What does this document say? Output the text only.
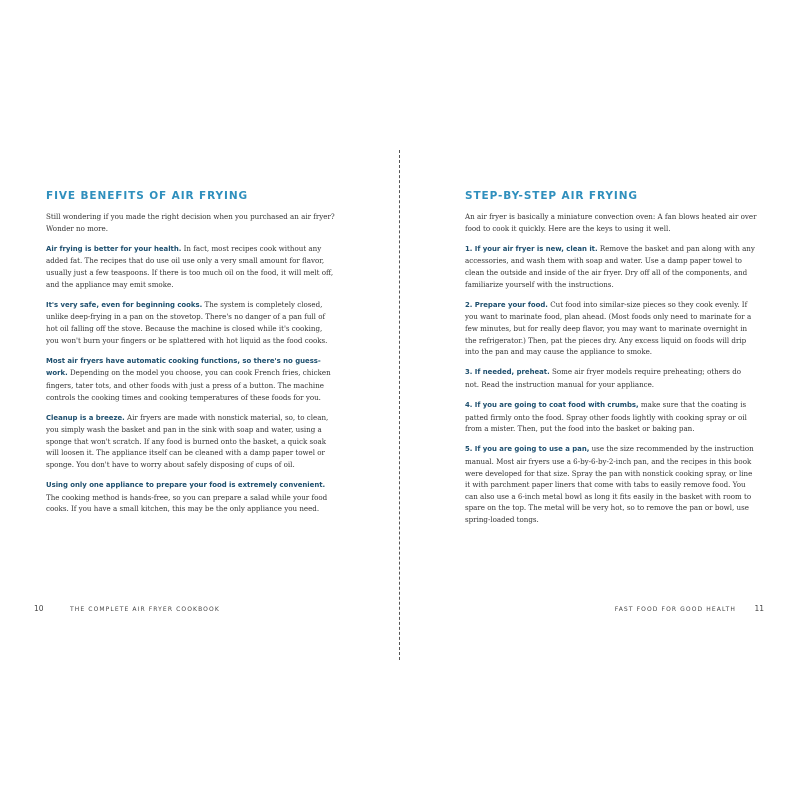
FIVE BENEFITS OF AIR FRYING

Still wondering if you made the right decision when you purchased an air fryer? Wonder no more.

Air frying is better for your health. In fact, most recipes cook without any added fat. The recipes that do use oil use only a very small amount for flavor, usually just a few teaspoons. If there is too much oil on the food, it will melt off, and the appliance may emit smoke.

It's very safe, even for beginning cooks. The system is completely closed, unlike deep-frying in a pan on the stovetop. There's no danger of a pan full of hot oil falling off the stove. Because the machine is closed while it's cooking, you won't burn your fingers or be splattered with hot liquid as the food cooks.

Most air fryers have automatic cooking functions, so there's no guess-work. Depending on the model you choose, you can cook French fries, chicken fingers, tater tots, and other foods with just a press of a button. The machine controls the cooking times and cooking temperatures of these foods for you.

Cleanup is a breeze. Air fryers are made with nonstick material, so, to clean, you simply wash the basket and pan in the sink with soap and water, using a sponge that won't scratch. If any food is burned onto the basket, a quick soak will loosen it. The appliance itself can be cleaned with a damp paper towel or sponge. You don't have to worry about safely disposing of cups of oil.

Using only one appliance to prepare your food is extremely convenient. The cooking method is hands-free, so you can prepare a salad while your food cooks. If you have a small kitchen, this may be the only appliance you need.

10	THE COMPLETE AIR FRYER COOKBOOK
STEP-BY-STEP AIR FRYING

An air fryer is basically a miniature convection oven: A fan blows heated air over food to cook it quickly. Here are the keys to using it well.

1. If your air fryer is new, clean it. Remove the basket and pan along with any accessories, and wash them with soap and water. Use a damp paper towel to clean the outside and inside of the air fryer. Dry off all of the components, and familiarize yourself with the instructions.

2. Prepare your food. Cut food into similar-size pieces so they cook evenly. If you want to marinate food, plan ahead. (Most foods only need to marinate for a few minutes, but for really deep flavor, you may want to marinate overnight in the refrigerator.) Then, pat the pieces dry. Any excess liquid on foods will drip into the pan and may cause the appliance to smoke.

3. If needed, preheat. Some air fryer models require preheating; others do not. Read the instruction manual for your appliance.

4. If you are going to coat food with crumbs, make sure that the coating is patted firmly onto the food. Spray other foods lightly with cooking spray or oil from a mister. Then, put the food into the basket or baking pan.

5. If you are going to use a pan, use the size recommended by the instruction manual. Most air fryers use a 6-by-6-by-2-inch pan, and the recipes in this book were developed for that size. Spray the pan with nonstick cooking spray, or line it with parchment paper liners that come with tabs to easily remove food. You can also use a 6-inch metal bowl as long it fits easily in the basket with room to spare on the top. The metal will be very hot, so to remove the pan or bowl, use spring-loaded tongs.

FAST FOOD FOR GOOD HEALTH 11
